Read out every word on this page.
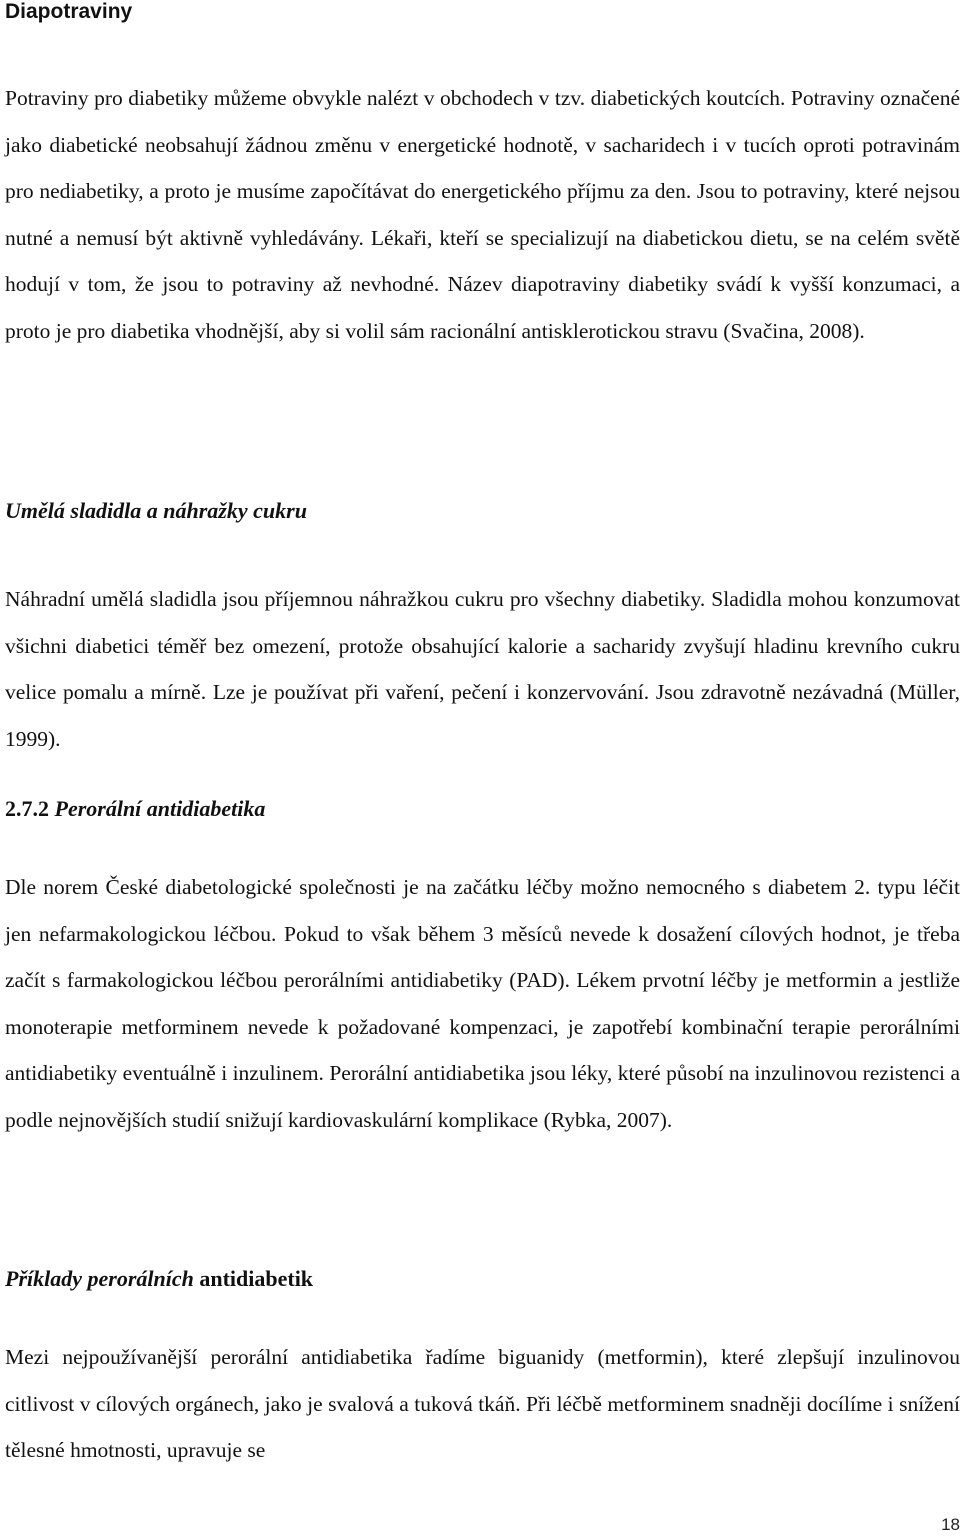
Diapotraviny

Potraviny pro diabetiky můžeme obvykle nalézt v obchodech v tzv. diabetických koutcích. Potraviny označené jako diabetické neobsahují žádnou změnu v energetické hodnotě, v sacharidech i v tucích oproti potravinám pro nediabetiky, a proto je musíme započítávat do energetického příjmu za den. Jsou to potraviny, které nejsou nutné a nemusí být aktivně vyhledávány. Lékaři, kteří se specializují na diabetickou dietu, se na celém světě hodují v tom, že jsou to potraviny až nevhodné. Název diapotraviny diabetiky svádí k vyšší konzumaci, a proto je pro diabetika vhodnější, aby si volil sám racionální antisklerotickou stravu (Svačina, 2008).

Umělá sladidla a náhražky cukru

Náhradní umělá sladidla jsou příjemnou náhražkou cukru pro všechny diabetiky. Sladidla mohou konzumovat všichni diabetici téměř bez omezení, protože obsahující kalorie a sacharidy zvyšují hladinu krevního cukru velice pomalu a mírně. Lze je používat při vaření, pečení i konzervování. Jsou zdravotně nezávadná (Müller, 1999).

2.7.2 Perorální antidiabetika

Dle norem České diabetologické společnosti je na začátku léčby možno nemocného s diabetem 2. typu léčit jen nefarmakologickou léčbou. Pokud to však během 3 měsíců nevede k dosažení cílových hodnot, je třeba začít s farmakologickou léčbou perorálními antidiabetiky (PAD). Lékem prvotní léčby je metformin a jestliže monoterapie metforminem nevede k požadované kompenzaci, je zapotřebí kombinační terapie perorálními antidiabetiky eventuálně i inzulinem. Perorální antidiabetika jsou léky, které působí na inzulinovou rezistenci a podle nejnovějších studií snižují kardiovaskulární komplikace (Rybka, 2007).

Příklady perorálních antidiabetik

Mezi nejpoužívanější perorální antidiabetika řadíme biguanidy (metformin), které zlepšují inzulinovou citlivost v cílových orgánech, jako je svalová a tuková tkáň. Při léčbě metforminem snadněji docílíme i snížení tělesné hmotnosti, upravuje se

18
